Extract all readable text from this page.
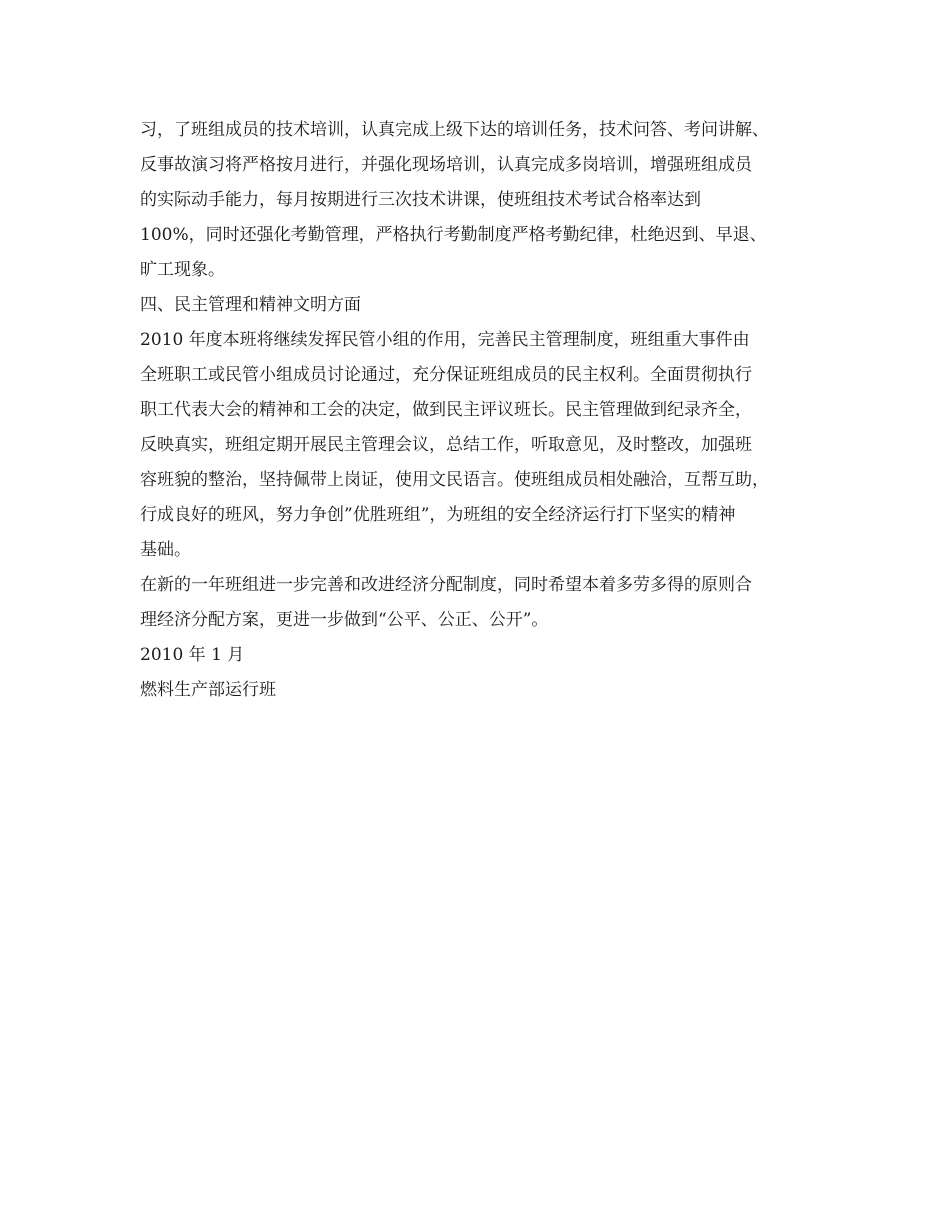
习，了班组成员的技术培训，认真完成上级下达的培训任务，技术问答、考问讲解、
反事故演习将严格按月进行，并强化现场培训，认真完成多岗培训，增强班组成员
的实际动手能力，每月按期进行三次技术讲课，使班组技术考试合格率达到
100%，同时还强化考勤管理，严格执行考勤制度严格考勤纪律，杜绝迟到、早退、
旷工现象。
四、民主管理和精神文明方面
2010 年度本班将继续发挥民管小组的作用，完善民主管理制度，班组重大事件由
全班职工或民管小组成员讨论通过，充分保证班组成员的民主权利。全面贯彻执行
职工代表大会的精神和工会的决定，做到民主评议班长。民主管理做到纪录齐全，
反映真实，班组定期开展民主管理会议，总结工作，听取意见，及时整改，加强班
容班貌的整治，坚持佩带上岗证，使用文民语言。使班组成员相处融洽，互帮互助，
行成良好的班风，努力争创”优胜班组”，为班组的安全经济运行打下坚实的精神
基础。
在新的一年班组进一步完善和改进经济分配制度，同时希望本着多劳多得的原则合
理经济分配方案，更进一步做到“公平、公正、公开”。
2010 年 1 月
燃料生产部运行班
